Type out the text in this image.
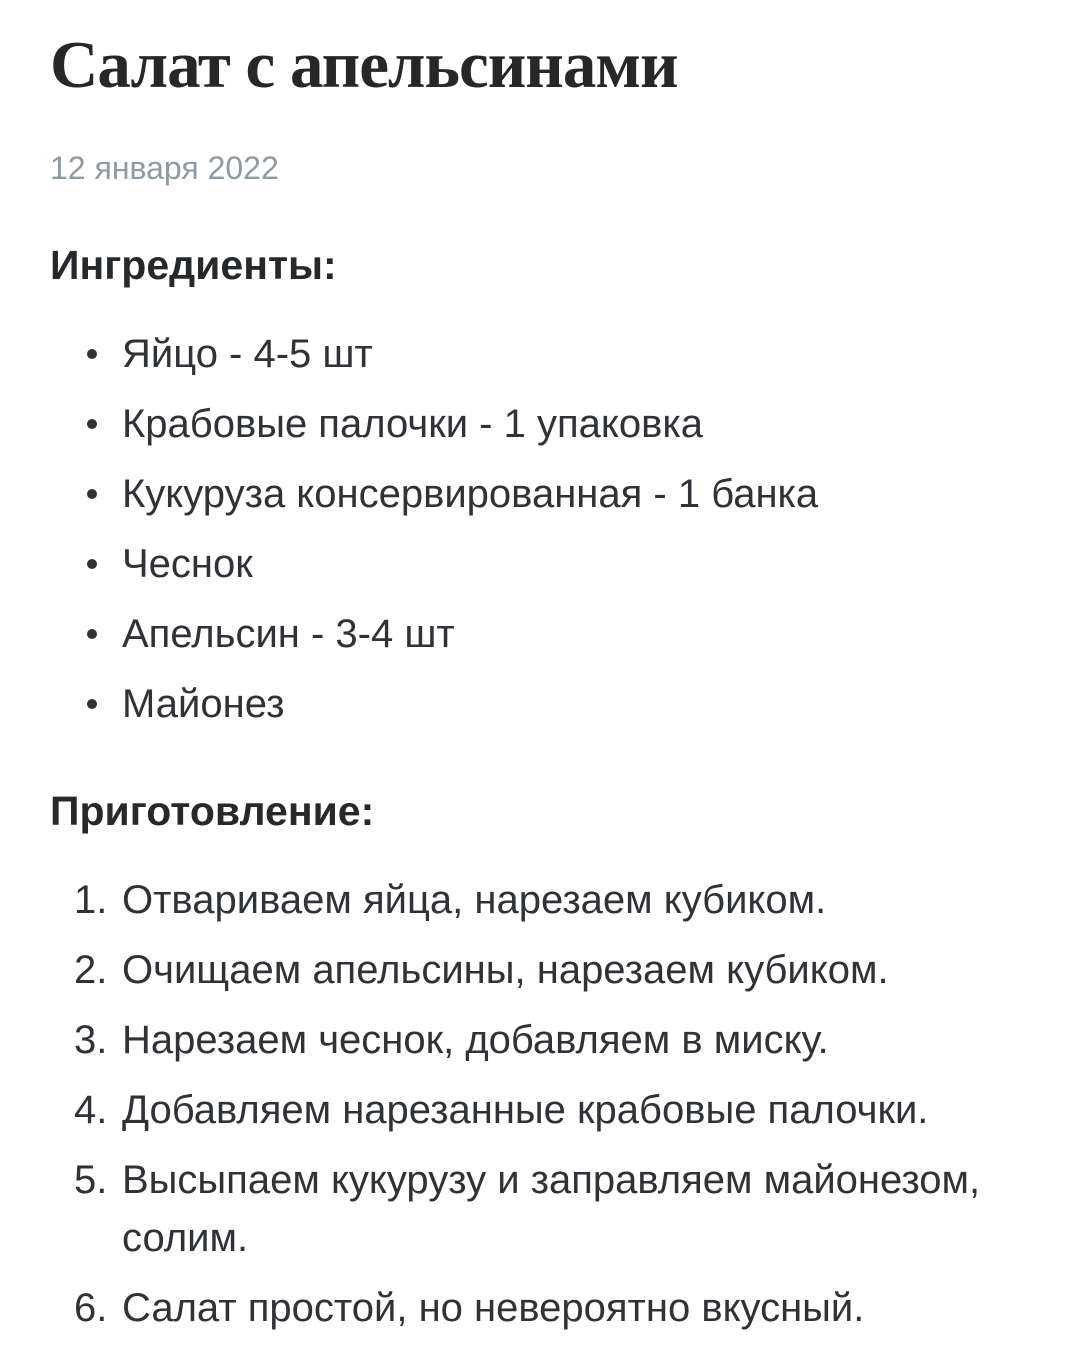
Салат с апельсинами
12 января 2022
Ингредиенты:
Яйцо - 4-5 шт
Крабовые палочки - 1 упаковка
Кукуруза консервированная - 1 банка
Чеснок
Апельсин - 3-4 шт
Майонез
Приготовление:
Отвариваем яйца, нарезаем кубиком.
Очищаем апельсины, нарезаем кубиком.
Нарезаем чеснок, добавляем в миску.
Добавляем нарезанные крабовые палочки.
Высыпаем кукурузу и заправляем майонезом, солим.
Салат простой, но невероятно вкусный.
